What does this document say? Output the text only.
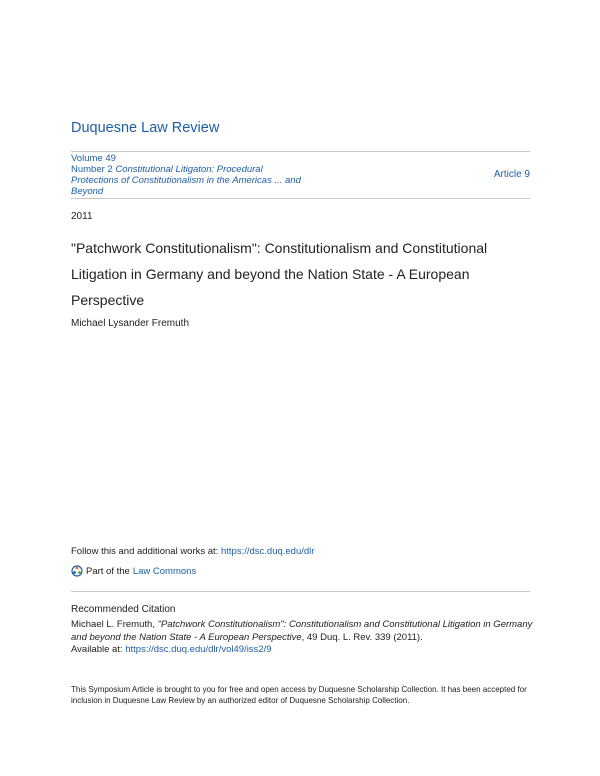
Duquesne Law Review
Volume 49
Number 2 Constitutional Litigaton: Procedural Protections of Constitutionalism in the Americas ... and Beyond
Article 9
2011
"Patchwork Constitutionalism": Constitutionalism and Constitutional Litigation in Germany and beyond the Nation State - A European Perspective
Michael Lysander Fremuth
Follow this and additional works at: https://dsc.duq.edu/dlr
Part of the Law Commons
Recommended Citation
Michael L. Fremuth, "Patchwork Constitutionalism": Constitutionalism and Constitutional Litigation in Germany and beyond the Nation State - A European Perspective, 49 Duq. L. Rev. 339 (2011).
Available at: https://dsc.duq.edu/dlr/vol49/iss2/9
This Symposium Article is brought to you for free and open access by Duquesne Scholarship Collection. It has been accepted for inclusion in Duquesne Law Review by an authorized editor of Duquesne Scholarship Collection.
